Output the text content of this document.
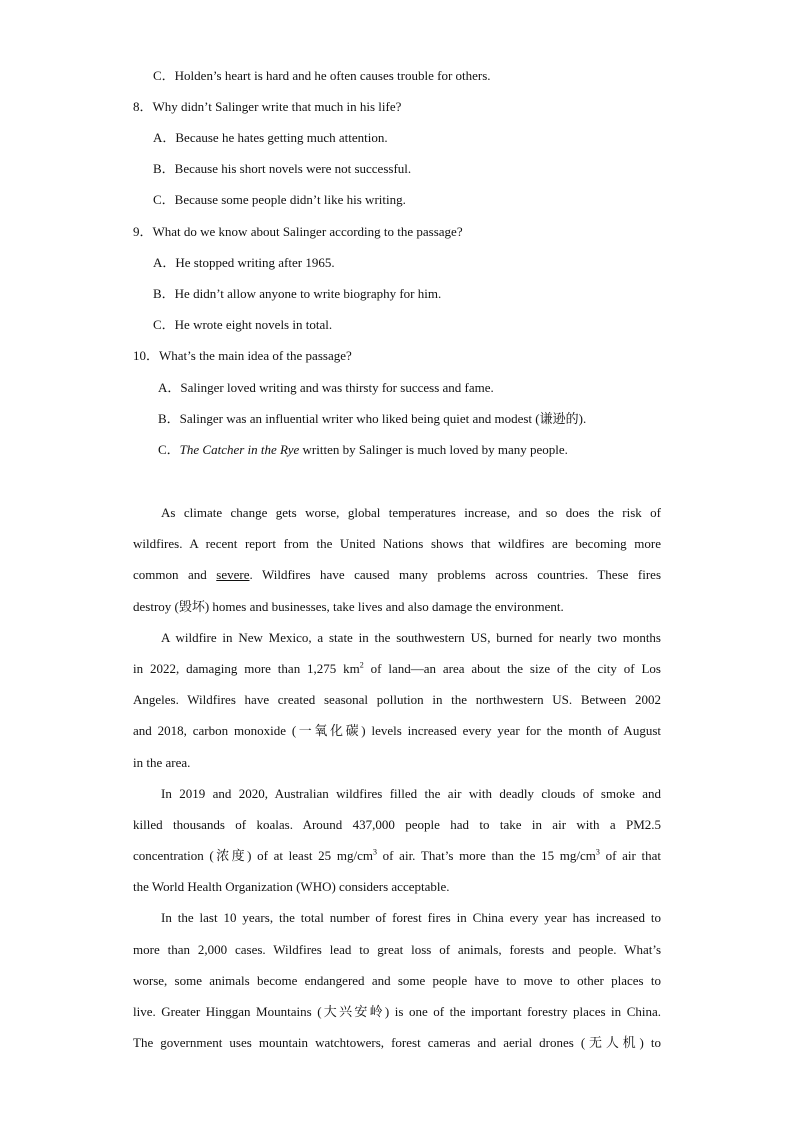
C．Holden’s heart is hard and he often causes trouble for others.
8．Why didn’t Salinger write that much in his life?
A．Because he hates getting much attention.
B．Because his short novels were not successful.
C．Because some people didn’t like his writing.
9．What do we know about Salinger according to the passage?
A．He stopped writing after 1965.
B．He didn’t allow anyone to write biography for him.
C．He wrote eight novels in total.
10．What’s the main idea of the passage?
A．Salinger loved writing and was thirsty for success and fame.
B．Salinger was an influential writer who liked being quiet and modest (谦逊的).
C．The Catcher in the Rye written by Salinger is much loved by many people.
As climate change gets worse, global temperatures increase, and so does the risk of
wildfires. A recent report from the United Nations shows that wildfires are becoming more
common and severe. Wildfires have caused many problems across countries. These fires
destroy (毁坏) homes and businesses, take lives and also damage the environment.
A wildfire in New Mexico, a state in the southwestern US, burned for nearly two months
in 2022, damaging more than 1,275 $km^2$ of land—an area about the size of the city of Los
Angeles. Wildfires have created seasonal pollution in the northwestern US. Between 2002
and 2018, carbon monoxide (一氧化碳) levels increased every year for the month of August
in the area.
In 2019 and 2020, Australian wildfires filled the air with deadly clouds of smoke and
killed thousands of koalas. Around 437,000 people had to take in air with a PM2.5
concentration (浓度) of at least 25 $mg/cm^3$ of air. That’s more than the 15 $mg/cm^3$ of air that
the World Health Organization (WHO) considers acceptable.
In the last 10 years, the total number of forest fires in China every year has increased to
more than 2,000 cases. Wildfires lead to great loss of animals, forests and people. What’s
worse, some animals become endangered and some people have to move to other places to
live. Greater Hinggan Mountains (大兴安岭) is one of the important forestry places in China.
The government uses mountain watchtowers, forest cameras and aerial drones (无人机) to
